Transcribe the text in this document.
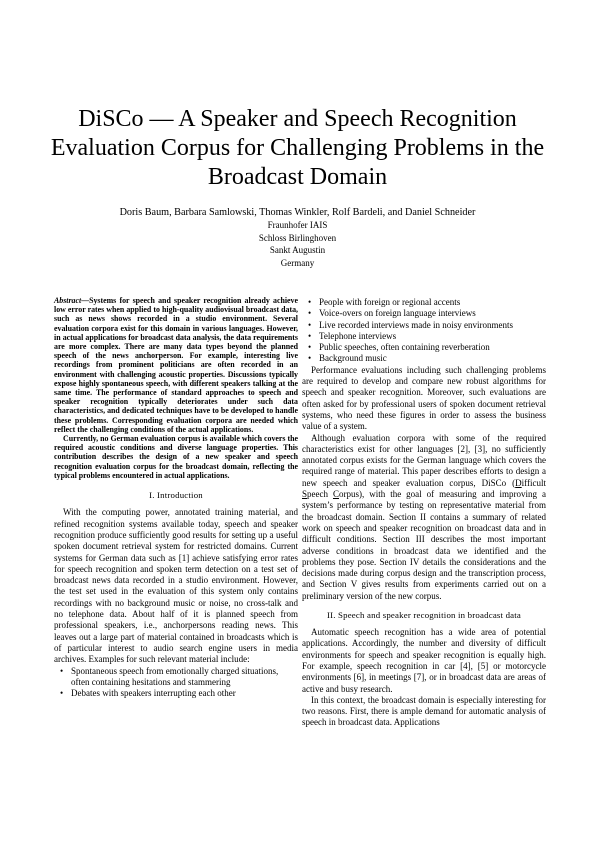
DiSCo — A Speaker and Speech Recognition
Evaluation Corpus for Challenging Problems in the
Broadcast Domain
Doris Baum, Barbara Samlowski, Thomas Winkler, Rolf Bardeli, and Daniel Schneider
Fraunhofer IAIS
Schloss Birlinghoven
Sankt Augustin
Germany

Abstract—Systems for speech and speaker recognition already achieve low error rates when applied to high-quality audiovisual broadcast data, such as news shows recorded in a studio environment. Several evaluation corpora exist for this domain in various languages. However, in actual applications for broadcast data analysis, the data requirements are more complex. There are many data types beyond the planned speech of the news anchorperson. For example, interesting live recordings from prominent politicians are often recorded in an environment with challenging acoustic properties. Discussions typically expose highly spontaneous speech, with different speakers talking at the same time. The performance of standard approaches to speech and speaker recognition typically deteriorates under such data characteristics, and dedicated techniques have to be developed to handle these problems. Corresponding evaluation corpora are needed which reflect the challenging conditions of the actual applications.

Currently, no German evaluation corpus is available which covers the required acoustic conditions and diverse language properties. This contribution describes the design of a new speaker and speech recognition evaluation corpus for the broadcast domain, reflecting the typical problems encountered in actual applications.

I. Introduction

With the computing power, annotated training material, and refined recognition systems available today, speech and speaker recognition produce sufficiently good results for setting up a useful spoken document retrieval system for restricted domains. Current systems for German data such as [1] achieve satisfying error rates for speech recognition and spoken term detection on a test set of broadcast news data recorded in a studio environment. However, the test set used in the evaluation of this system only contains recordings with no background music or noise, no cross-talk and no telephone data. About half of it is planned speech from professional speakers, i.e., anchorpersons reading news. This leaves out a large part of material contained in broadcasts which is of particular interest to audio search engine users in media archives. Examples for such relevant material include:

• Spontaneous speech from emotionally charged situations, often containing hesitations and stammering
• Debates with speakers interrupting each other
• People with foreign or regional accents
• Voice-overs on foreign language interviews
• Live recorded interviews made in noisy environments
• Telephone interviews
• Public speeches, often containing reverberation
• Background music

Performance evaluations including such challenging problems are required to develop and compare new robust algorithms for speech and speaker recognition. Moreover, such evaluations are often asked for by professional users of spoken document retrieval systems, who need these figures in order to assess the business value of a system.

Although evaluation corpora with some of the required characteristics exist for other languages [2], [3], no sufficiently annotated corpus exists for the German language which covers the required range of material. This paper describes efforts to design a new speech and speaker evaluation corpus, DiSCo (Difficult Speech Corpus), with the goal of measuring and improving a system’s performance by testing on representative material from the broadcast domain. Section II contains a summary of related work on speech and speaker recognition on broadcast data and in difficult conditions. Section III describes the most important adverse conditions in broadcast data we identified and the problems they pose. Section IV details the considerations and the decisions made during corpus design and the transcription process, and Section V gives results from experiments carried out on a preliminary version of the new corpus.

II. Speech and speaker recognition in broadcast data

Automatic speech recognition has a wide area of potential applications. Accordingly, the number and diversity of difficult environments for speech and speaker recognition is equally high. For example, speech recognition in car [4], [5] or motorcycle environments [6], in meetings [7], or in broadcast data are areas of active and busy research.

In this context, the broadcast domain is especially interesting for two reasons. First, there is ample demand for automatic analysis of speech in broadcast data. Applications
